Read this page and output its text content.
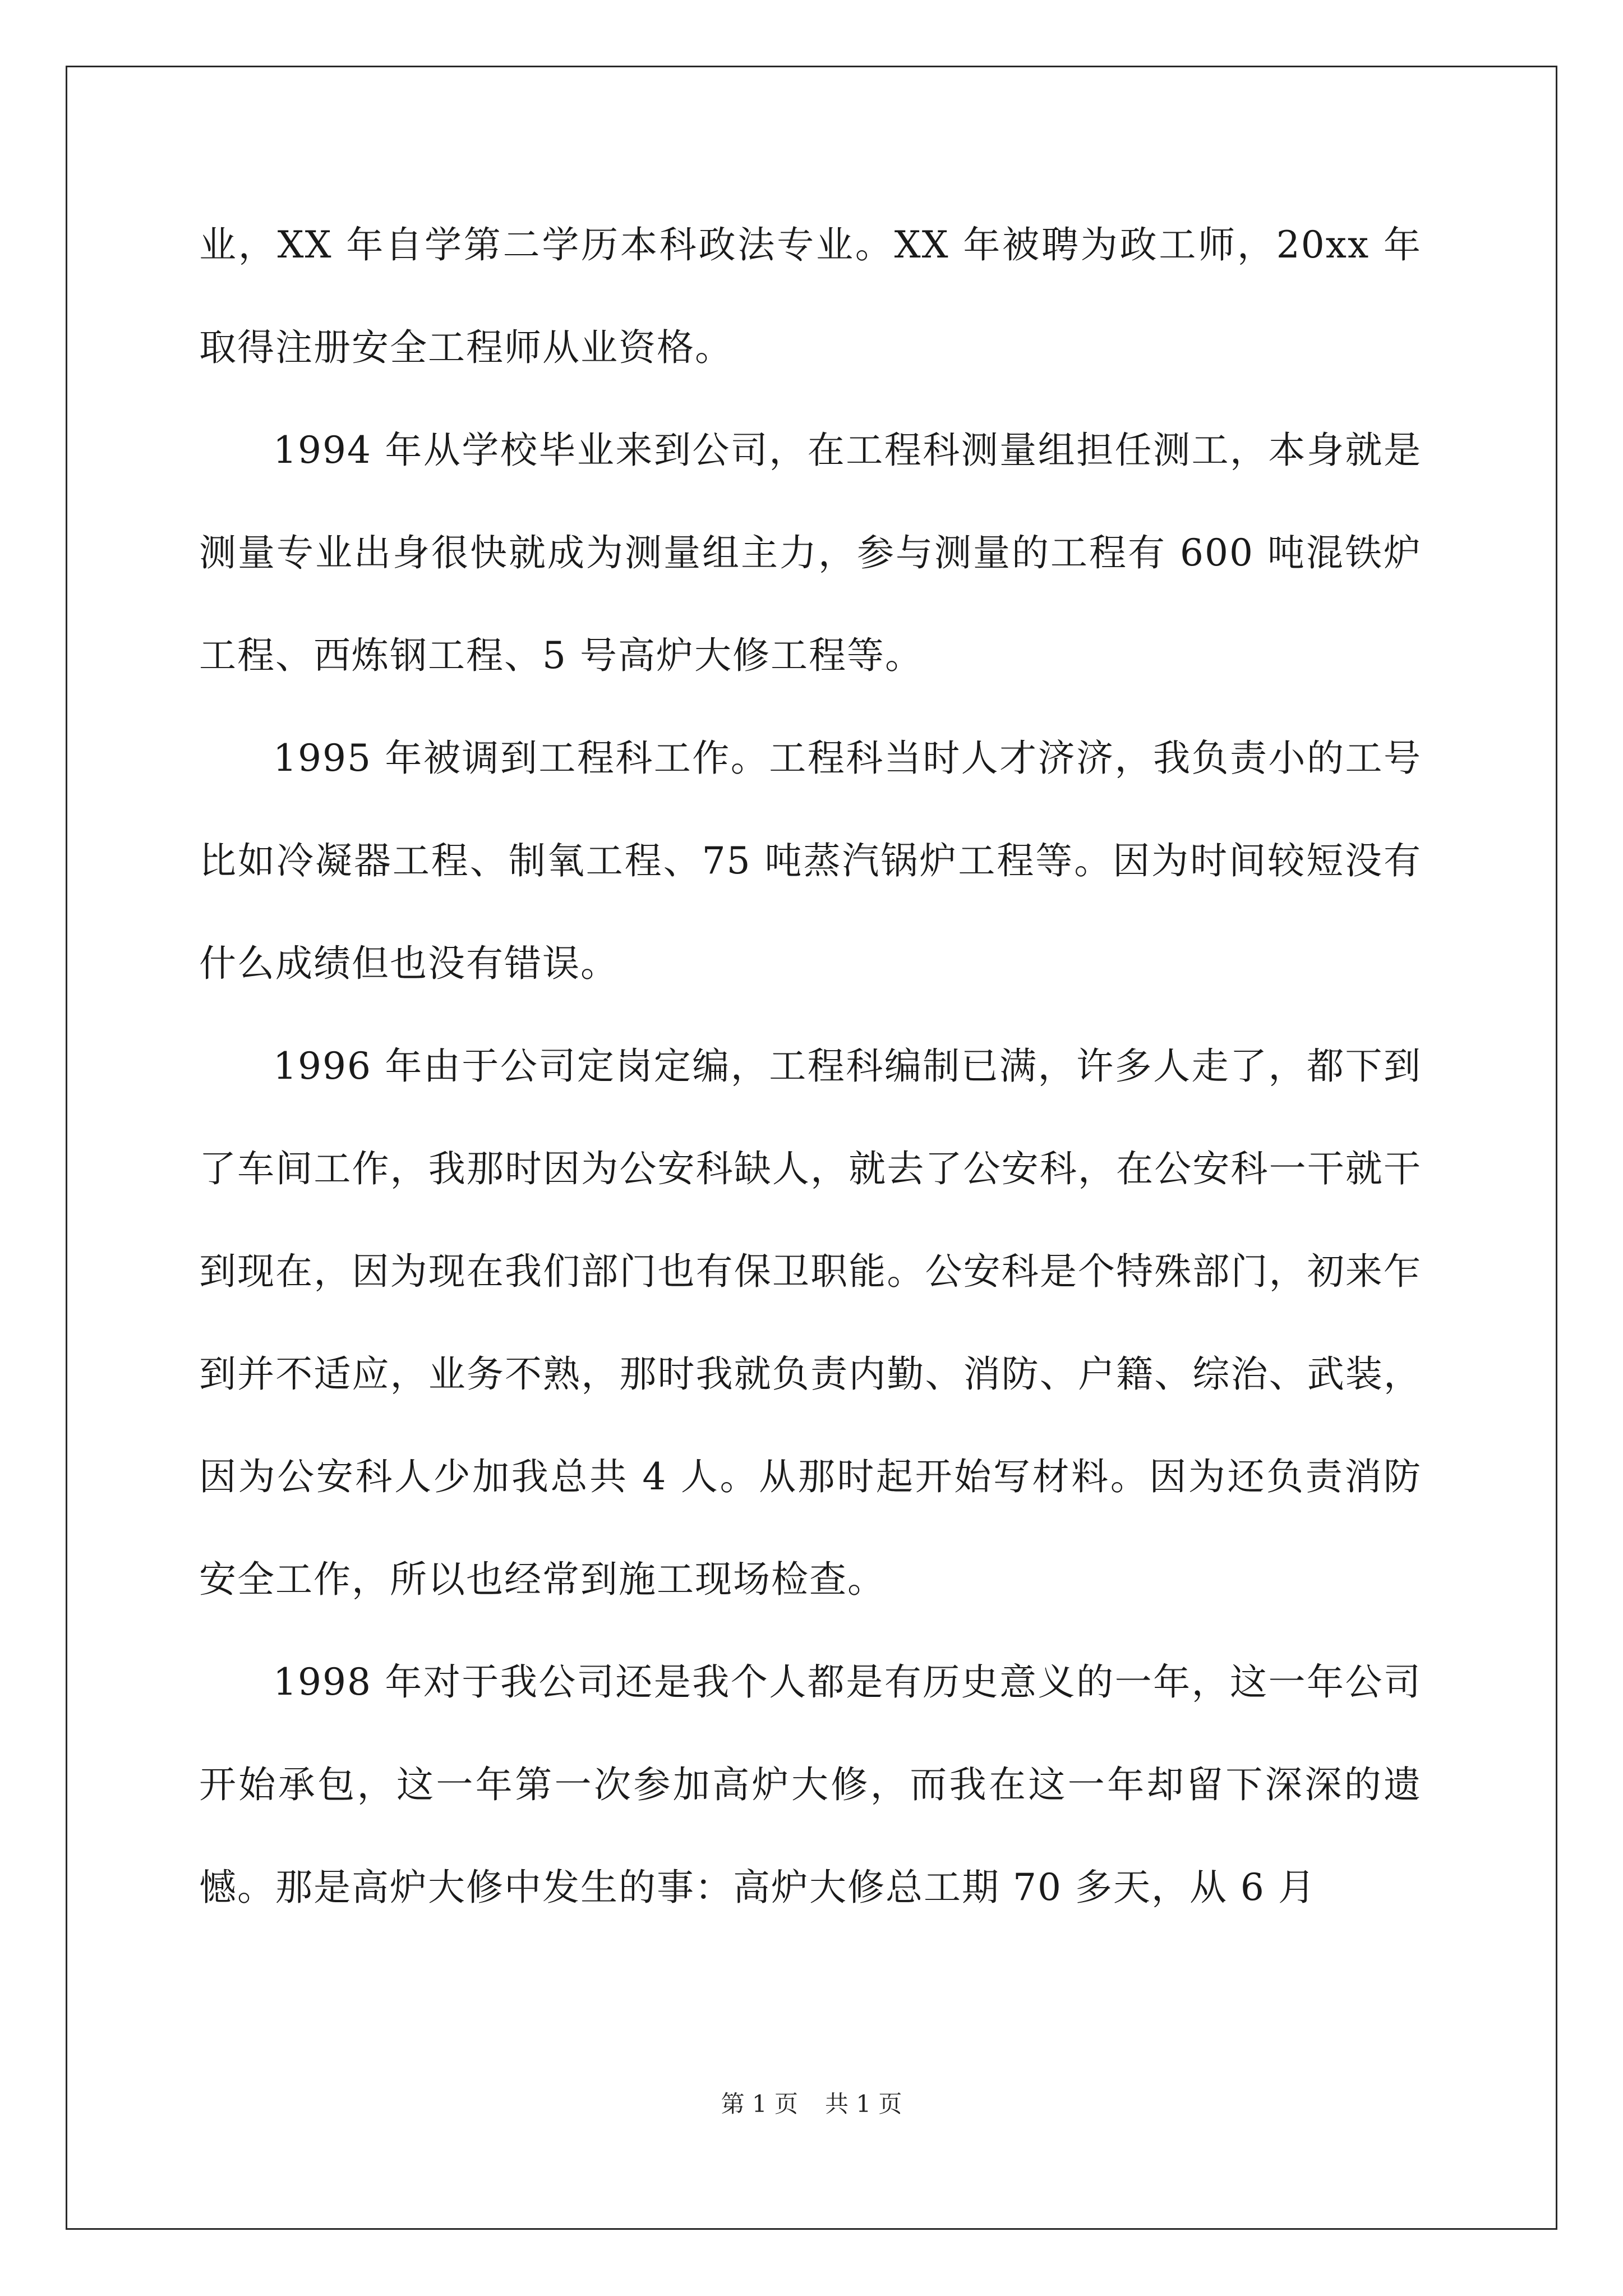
业，XX 年自学第二学历本科政法专业。XX 年被聘为政工师，20xx 年取得注册安全工程师从业资格。

1994 年从学校毕业来到公司，在工程科测量组担任测工，本身就是测量专业出身很快就成为测量组主力，参与测量的工程有 600 吨混铁炉工程、西炼钢工程、5 号高炉大修工程等。

1995 年被调到工程科工作。工程科当时人才济济，我负责小的工号比如冷凝器工程、制氧工程、75 吨蒸汽锅炉工程等。因为时间较短没有什么成绩但也没有错误。

1996 年由于公司定岗定编，工程科编制已满，许多人走了，都下到了车间工作，我那时因为公安科缺人，就去了公安科，在公安科一干就干到现在，因为现在我们部门也有保卫职能。公安科是个特殊部门，初来乍到并不适应，业务不熟，那时我就负责内勤、消防、户籍、综治、武装，因为公安科人少加我总共 4 人。从那时起开始写材料。因为还负责消防安全工作，所以也经常到施工现场检查。

1998 年对于我公司还是我个人都是有历史意义的一年，这一年公司开始承包，这一年第一次参加高炉大修，而我在这一年却留下深深的遗憾。那是高炉大修中发生的事：高炉大修总工期 70 多天，从 6 月

第 1 页 共 1 页
